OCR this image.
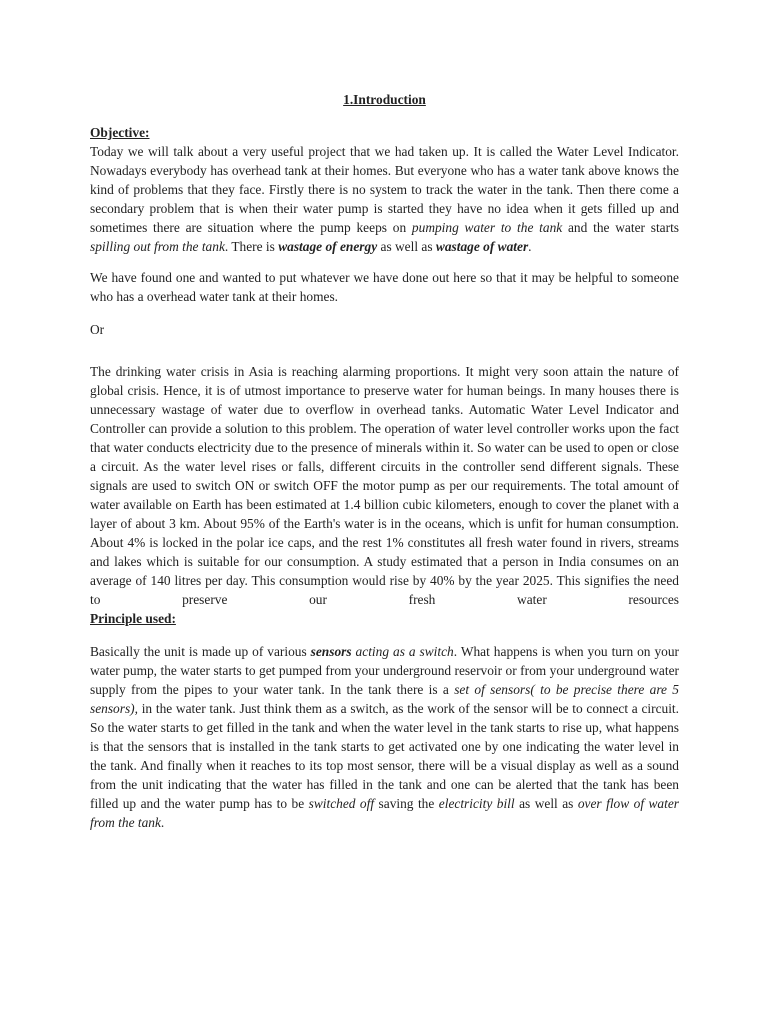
1.Introduction
Objective:

Today we will talk about a very useful project that we had taken up. It is called the Water Level Indicator. Nowadays everybody has overhead tank at their homes. But everyone who has a water tank above knows the kind of problems that they face. Firstly there is no system to track the water in the tank. Then there come a secondary problem that is when their water pump is started they have no idea when it gets filled up and sometimes there are situation where the pump keeps on pumping water to the tank and the water starts spilling out from the tank. There is wastage of energy as well as wastage of water.

We have found one and wanted to put whatever we have done out here so that it may be helpful to someone who has a overhead water tank at their homes.

Or

The drinking water crisis in Asia is reaching alarming proportions. It might very soon attain the nature of global crisis. Hence, it is of utmost importance to preserve water for human beings. In many houses there is unnecessary wastage of water due to overflow in overhead tanks. Automatic Water Level Indicator and Controller can provide a solution to this problem. The operation of water level controller works upon the fact that water conducts electricity due to the presence of minerals within it. So water can be used to open or close a circuit. As the water level rises or falls, different circuits in the controller send different signals. These signals are used to switch ON or switch OFF the motor pump as per our requirements. The total amount of water available on Earth has been estimated at 1.4 billion cubic kilometers, enough to cover the planet with a layer of about 3 km. About 95% of the Earth's water is in the oceans, which is unfit for human consumption. About 4% is locked in the polar ice caps, and the rest 1% constitutes all fresh water found in rivers, streams and lakes which is suitable for our consumption. A study estimated that a person in India consumes on an average of 140 litres per day. This consumption would rise by 40% by the year 2025. This signifies the need to preserve our fresh water resources

Principle used:

Basically the unit is made up of various sensors acting as a switch. What happens is when you turn on your water pump, the water starts to get pumped from your underground reservoir or from your underground water supply from the pipes to your water tank. In the tank there is a set of sensors( to be precise there are 5 sensors), in the water tank. Just think them as a switch, as the work of the sensor will be to connect a circuit. So the water starts to get filled in the tank and when the water level in the tank starts to rise up, what happens is that the sensors that is installed in the tank starts to get activated one by one indicating the water level in the tank. And finally when it reaches to its top most sensor, there will be a visual display as well as a sound from the unit indicating that the water has filled in the tank and one can be alerted that the tank has been filled up and the water pump has to be switched off saving the electricity bill as well as over flow of water from the tank.
